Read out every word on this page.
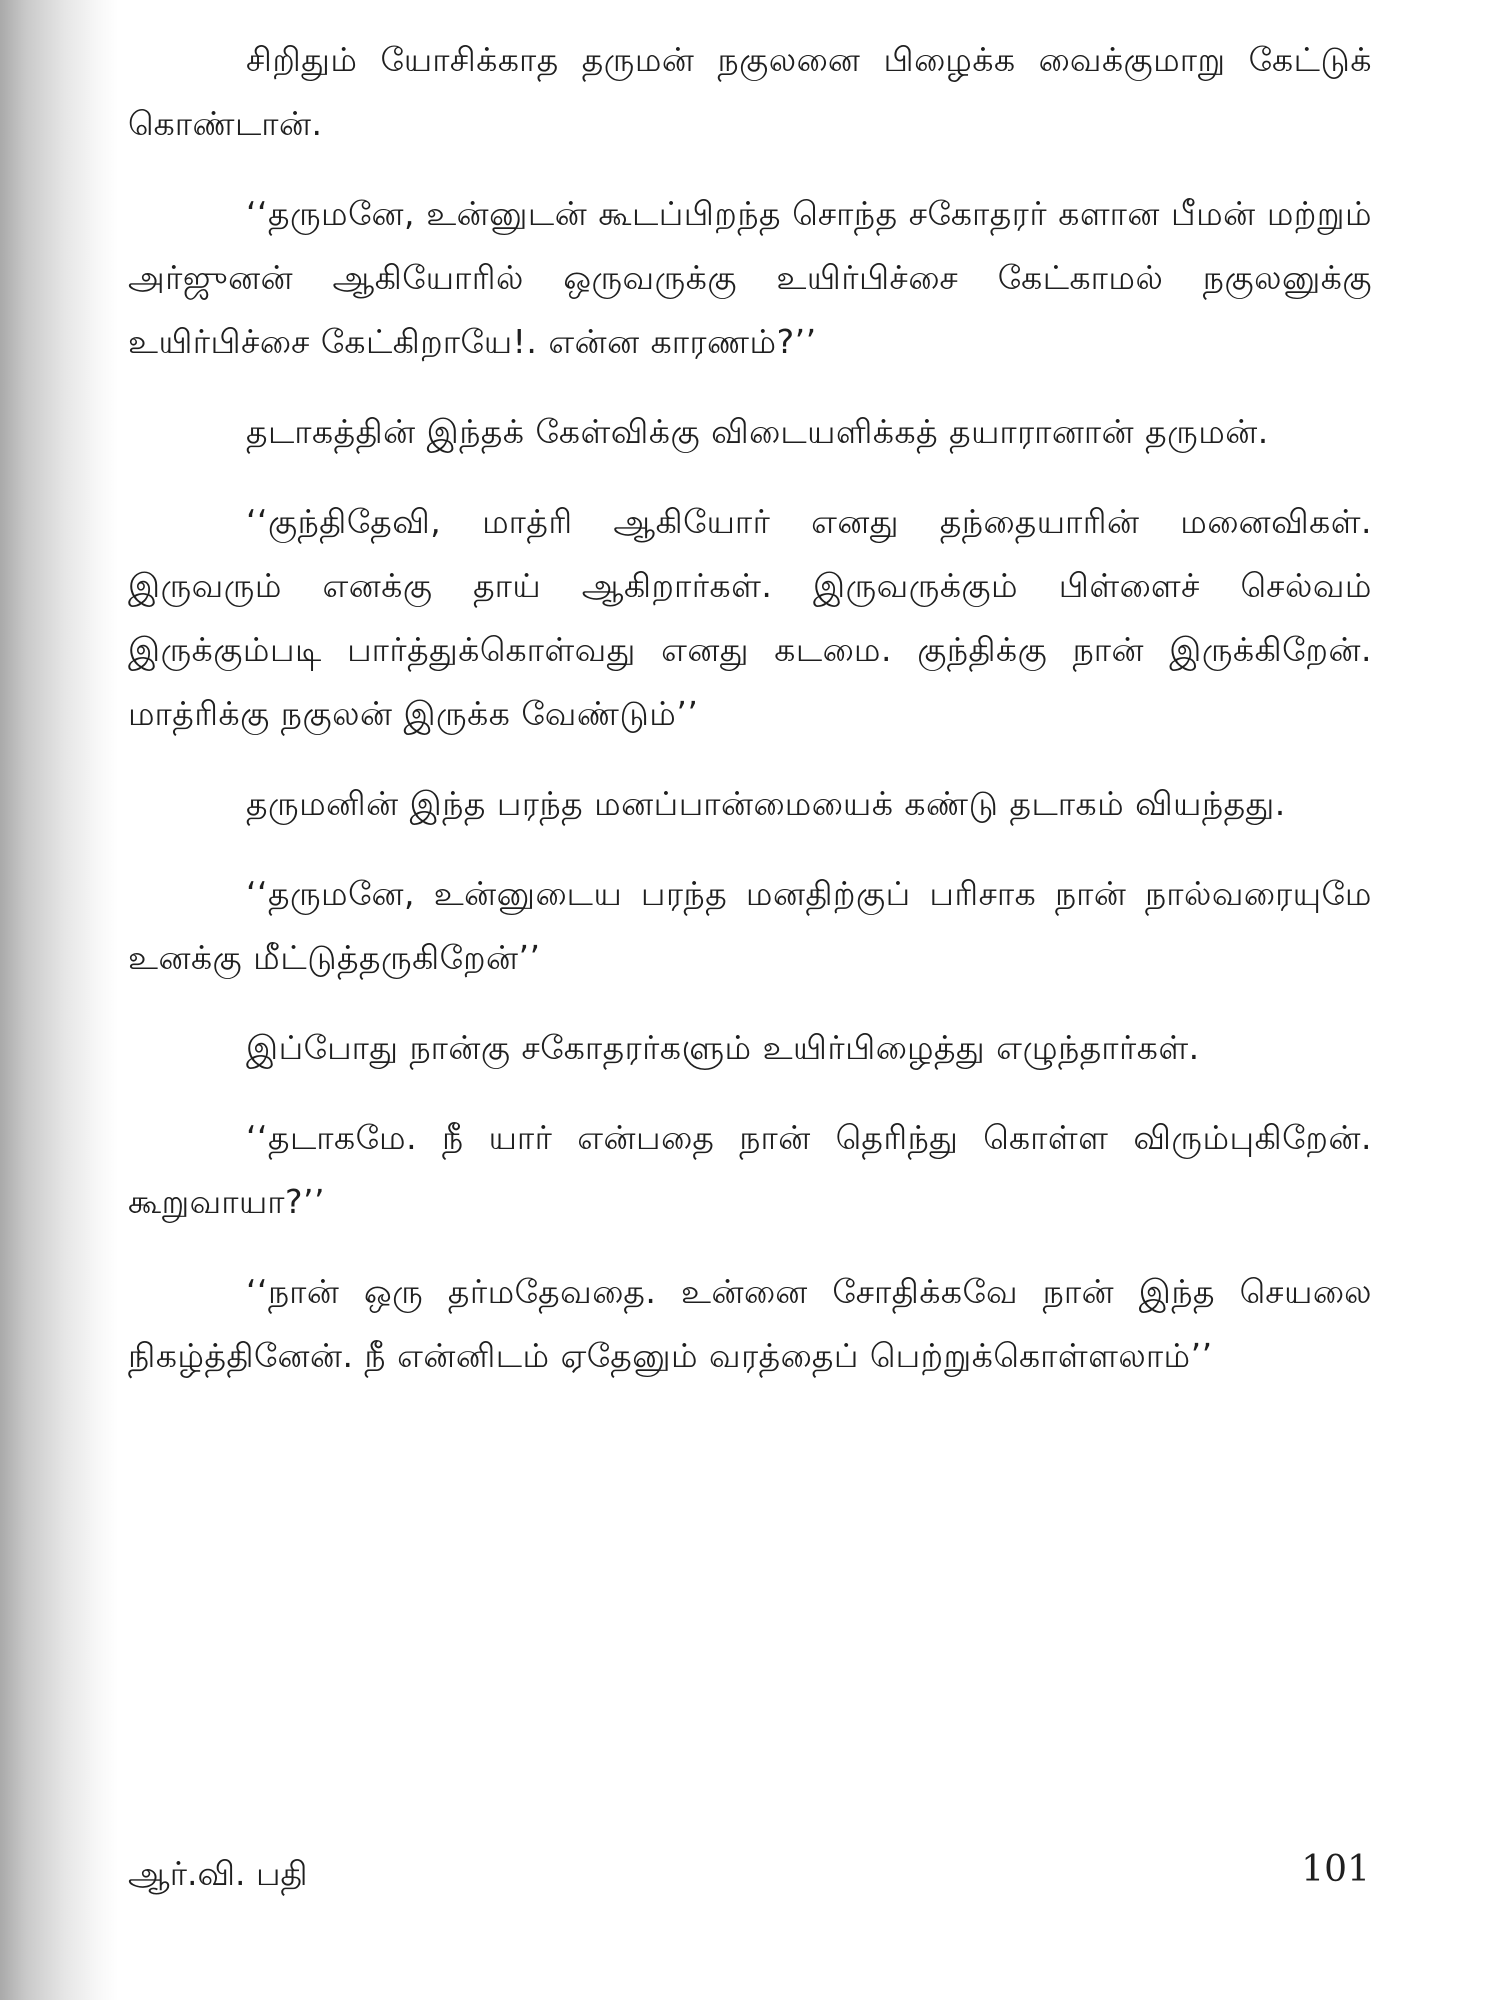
சிறிதும் யோசிக்காத தருமன் நகுலனை பிழைக்க வைக்குமாறு கேட்டுக் கொண்டான்.

‘‘தருமனே, உன்னுடன் கூடப்பிறந்த சொந்த சகோதரர் களான பீமன் மற்றும் அர்ஜுனன் ஆகியோரில் ஒருவருக்கு உயிர்பிச்சை கேட்காமல் நகுலனுக்கு உயிர்பிச்சை கேட்கிறாயே!. என்ன காரணம்?’’

தடாகத்தின் இந்தக் கேள்விக்கு விடையளிக்கத் தயாரானான் தருமன்.

‘‘குந்திதேவி, மாத்ரி ஆகியோர் எனது தந்தையாரின் மனைவிகள். இருவரும் எனக்கு தாய் ஆகிறார்கள். இருவருக்கும் பிள்ளைச் செல்வம் இருக்கும்படி பார்த்துக்கொள்வது எனது கடமை. குந்திக்கு நான் இருக்கிறேன். மாத்ரிக்கு நகுலன் இருக்க வேண்டும்’’

தருமனின் இந்த பரந்த மனப்பான்மையைக் கண்டு தடாகம் வியந்தது.

‘‘தருமனே, உன்னுடைய பரந்த மனதிற்குப் பரிசாக நான் நால்வரையுமே உனக்கு மீட்டுத்தருகிறேன்’’

இப்போது நான்கு சகோதரர்களும் உயிர்பிழைத்து எழுந்தார்கள்.

‘‘தடாகமே. நீ யார் என்பதை நான் தெரிந்து கொள்ள விரும்புகிறேன். கூறுவாயா?’’

‘‘நான் ஒரு தர்மதேவதை. உன்னை சோதிக்கவே நான் இந்த செயலை நிகழ்த்தினேன். நீ என்னிடம் ஏதேனும் வரத்தைப் பெற்றுக்கொள்ளலாம்’’

ஆர்.வி. பதி	101
